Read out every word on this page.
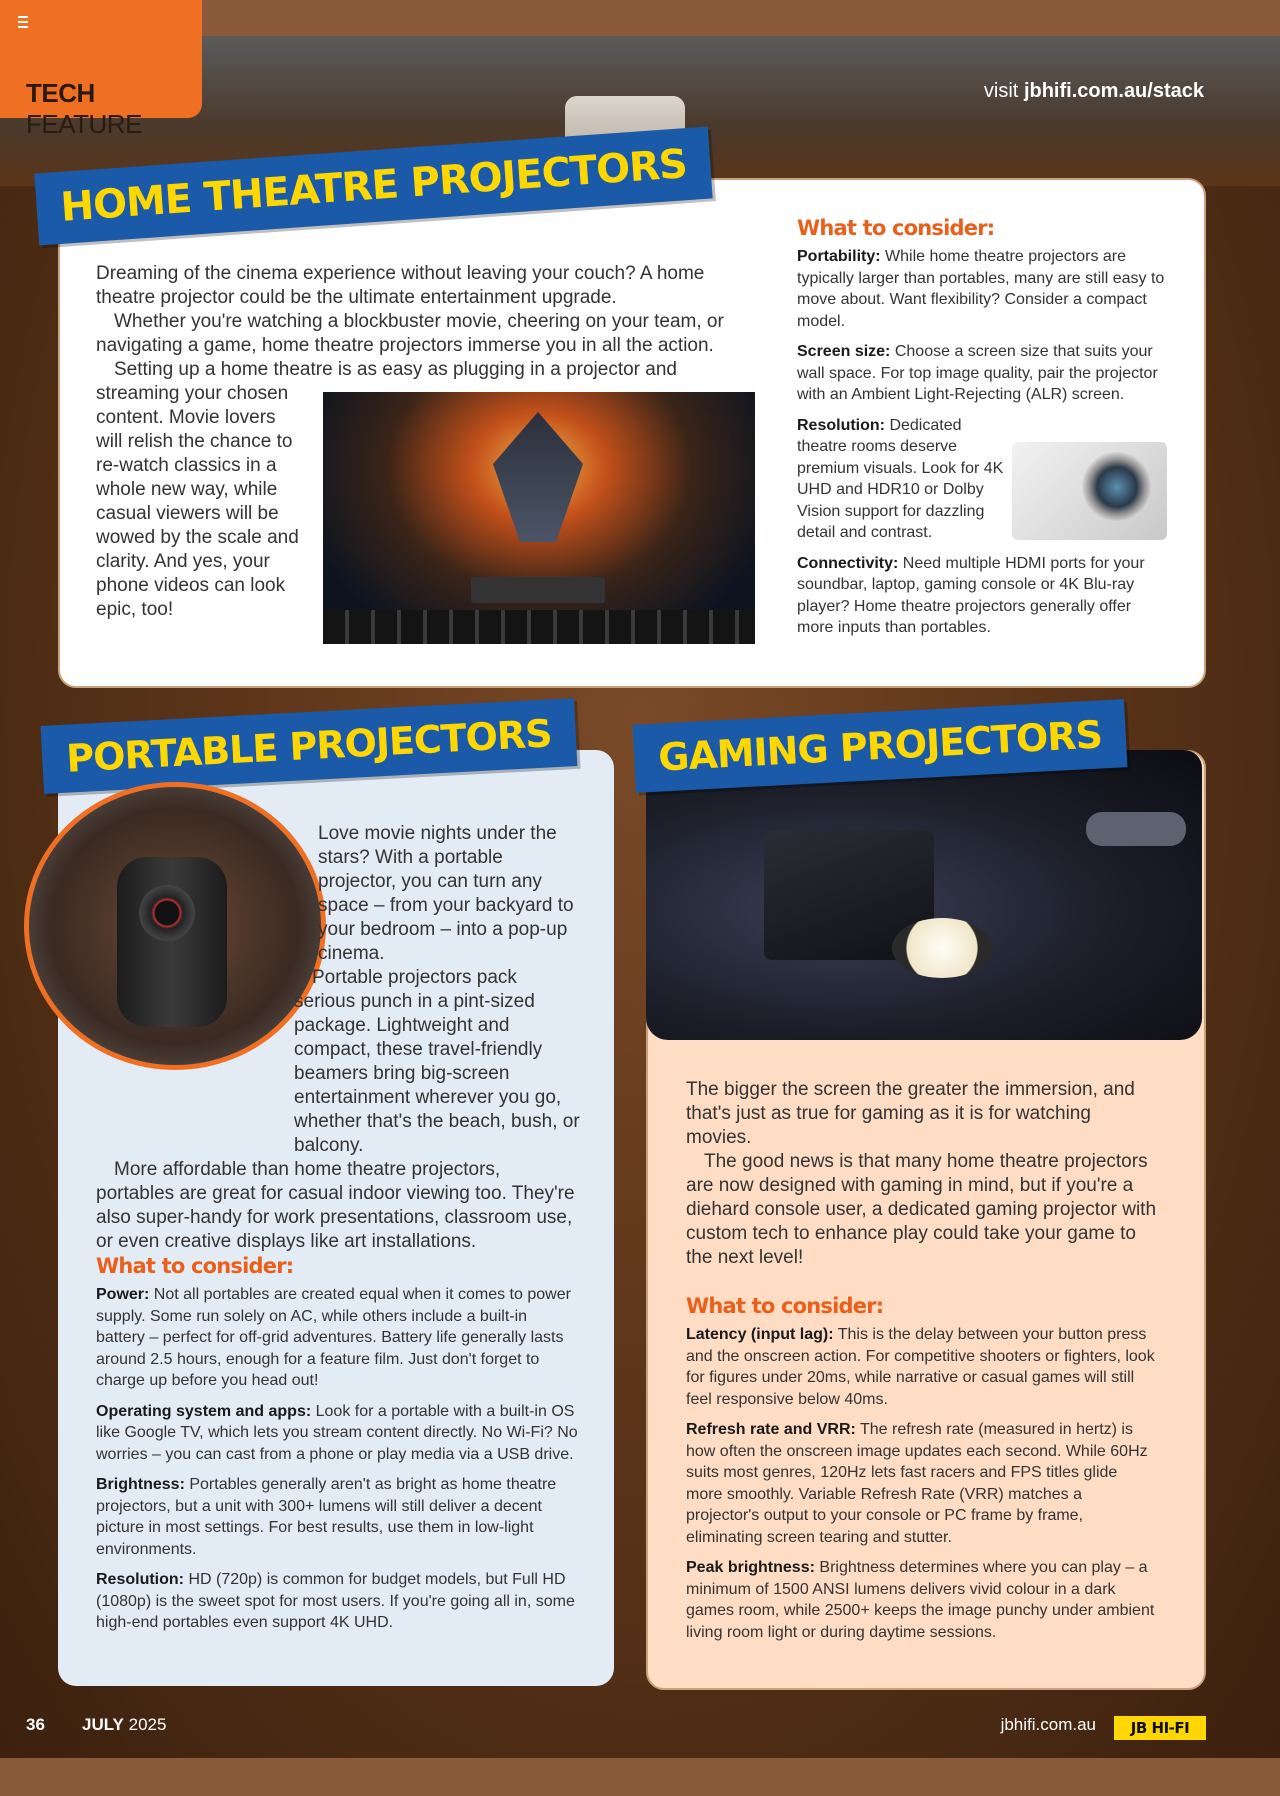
TECH FEATURE
visit jbhifi.com.au/stack
HOME THEATRE PROJECTORS

Dreaming of the cinema experience without leaving your couch? A home theatre projector could be the ultimate entertainment upgrade.

Whether you're watching a blockbuster movie, cheering on your team, or navigating a game, home theatre projectors immerse you in all the action.

Setting up a home theatre is as easy as plugging in a projector and

streaming your chosen content. Movie lovers will relish the chance to re-watch classics in a whole new way, while casual viewers will be wowed by the scale and clarity. And yes, your phone videos can look epic, too!

What to consider:

Portability: While home theatre projectors are typically larger than portables, many are still easy to move about. Want flexibility? Consider a compact model.

Screen size: Choose a screen size that suits your wall space. For top image quality, pair the projector with an Ambient Light-Rejecting (ALR) screen.

Resolution: Dedicated theatre rooms deserve premium visuals. Look for 4K UHD and HDR10 or Dolby Vision support for dazzling detail and contrast.

Connectivity: Need multiple HDMI ports for your soundbar, laptop, gaming console or 4K Blu-ray player? Home theatre projectors generally offer more inputs than portables.

PORTABLE PROJECTORS

Love movie nights under the stars? With a portable projector, you can turn any space – from your backyard to your bedroom – into a pop-up cinema.

Portable projectors pack serious punch in a pint-sized package. Lightweight and compact, these travel-friendly beamers bring big-screen entertainment wherever you go, whether that's the beach, bush, or balcony.

More affordable than home theatre projectors, portables are great for casual indoor viewing too. They're also super-handy for work presentations, classroom use, or even creative displays like art installations.

What to consider:

Power: Not all portables are created equal when it comes to power supply. Some run solely on AC, while others include a built-in battery – perfect for off-grid adventures. Battery life generally lasts around 2.5 hours, enough for a feature film. Just don't forget to charge up before you head out!

Operating system and apps: Look for a portable with a built-in OS like Google TV, which lets you stream content directly. No Wi-Fi? No worries – you can cast from a phone or play media via a USB drive.

Brightness: Portables generally aren't as bright as home theatre projectors, but a unit with 300+ lumens will still deliver a decent picture in most settings. For best results, use them in low-light environments.

Resolution: HD (720p) is common for budget models, but Full HD (1080p) is the sweet spot for most users. If you're going all in, some high-end portables even support 4K UHD.

GAMING PROJECTORS

The bigger the screen the greater the immersion, and that's just as true for gaming as it is for watching movies.

The good news is that many home theatre projectors are now designed with gaming in mind, but if you're a diehard console user, a dedicated gaming projector with custom tech to enhance play could take your game to the next level!

What to consider:

Latency (input lag): This is the delay between your button press and the onscreen action. For competitive shooters or fighters, look for figures under 20ms, while narrative or casual games will still feel responsive below 40ms.

Refresh rate and VRR: The refresh rate (measured in hertz) is how often the onscreen image updates each second. While 60Hz suits most genres, 120Hz lets fast racers and FPS titles glide more smoothly. Variable Refresh Rate (VRR) matches a projector's output to your console or PC frame by frame, eliminating screen tearing and stutter.

Peak brightness: Brightness determines where you can play – a minimum of 1500 ANSI lumens delivers vivid colour in a dark games room, while 2500+ keeps the image punchy under ambient living room light or during daytime sessions.

36 JULY 2025	jbhifi.com.au	JB HI-FI
